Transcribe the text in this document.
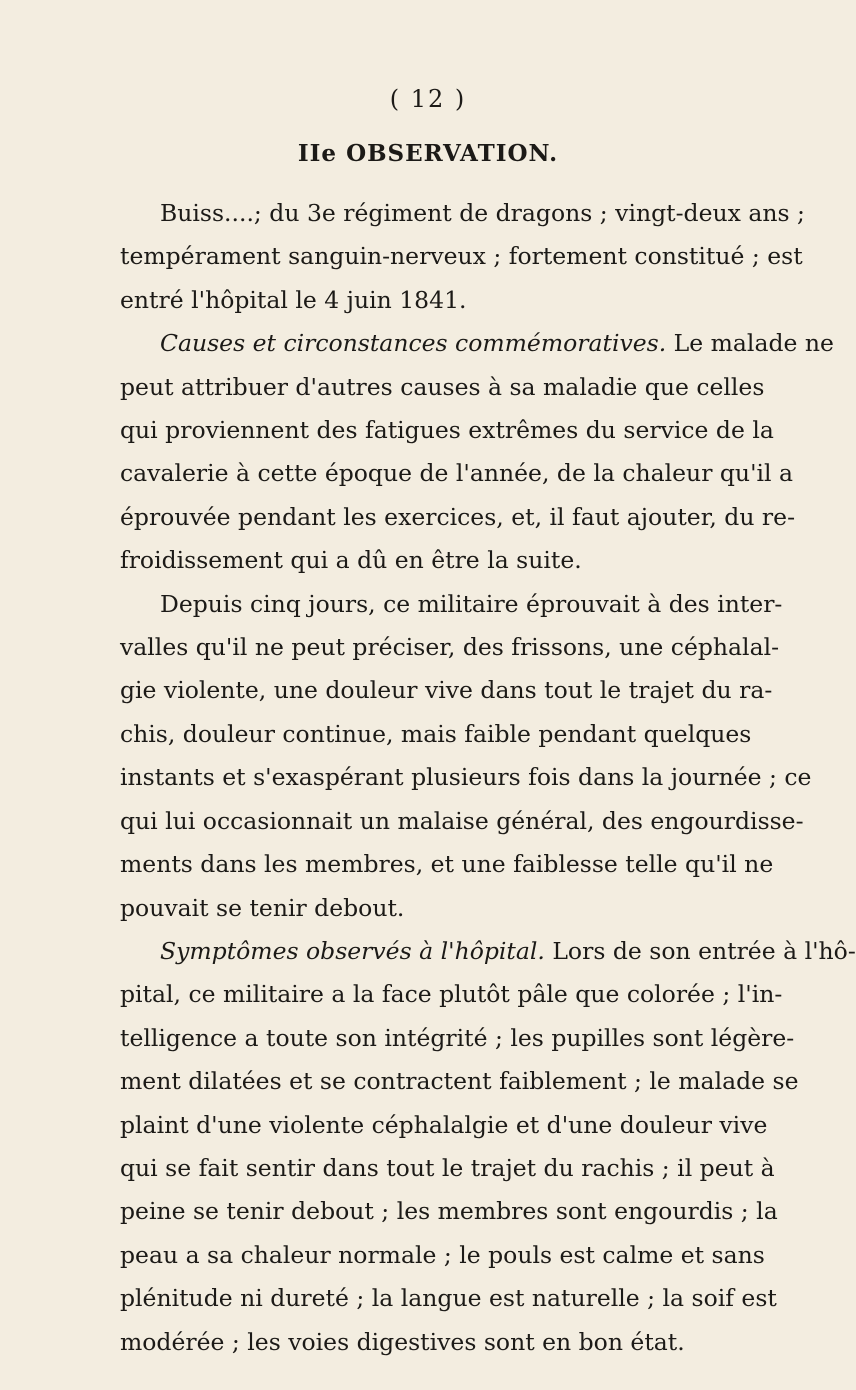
( 12 )
IIe OBSERVATION.
Buiss....; du 3e régiment de dragons ; vingt-deux ans ;
tempérament sanguin-nerveux ; fortement constitué ; est
entré l'hôpital le 4 juin 1841.
Causes et circonstances commémoratives. Le malade ne
peut attribuer d'autres causes à sa maladie que celles
qui proviennent des fatigues extrêmes du service de la
cavalerie à cette époque de l'année, de la chaleur qu'il a
éprouvée pendant les exercices, et, il faut ajouter, du re-
froidissement qui a dû en être la suite.
Depuis cinq jours, ce militaire éprouvait à des inter-
valles qu'il ne peut préciser, des frissons, une céphalal-
gie violente, une douleur vive dans tout le trajet du ra-
chis, douleur continue, mais faible pendant quelques
instants et s'exaspérant plusieurs fois dans la journée ; ce
qui lui occasionnait un malaise général, des engourdisse-
ments dans les membres, et une faiblesse telle qu'il ne
pouvait se tenir debout.
Symptômes observés à l'hôpital. Lors de son entrée à l'hô-
pital, ce militaire a la face plutôt pâle que colorée ; l'in-
telligence a toute son intégrité ; les pupilles sont légère-
ment dilatées et se contractent faiblement ; le malade se
plaint d'une violente céphalalgie et d'une douleur vive
qui se fait sentir dans tout le trajet du rachis ; il peut à
peine se tenir debout ; les membres sont engourdis ; la
peau a sa chaleur normale ; le pouls est calme et sans
plénitude ni dureté ; la langue est naturelle ; la soif est
modérée ; les voies digestives sont en bon état.
